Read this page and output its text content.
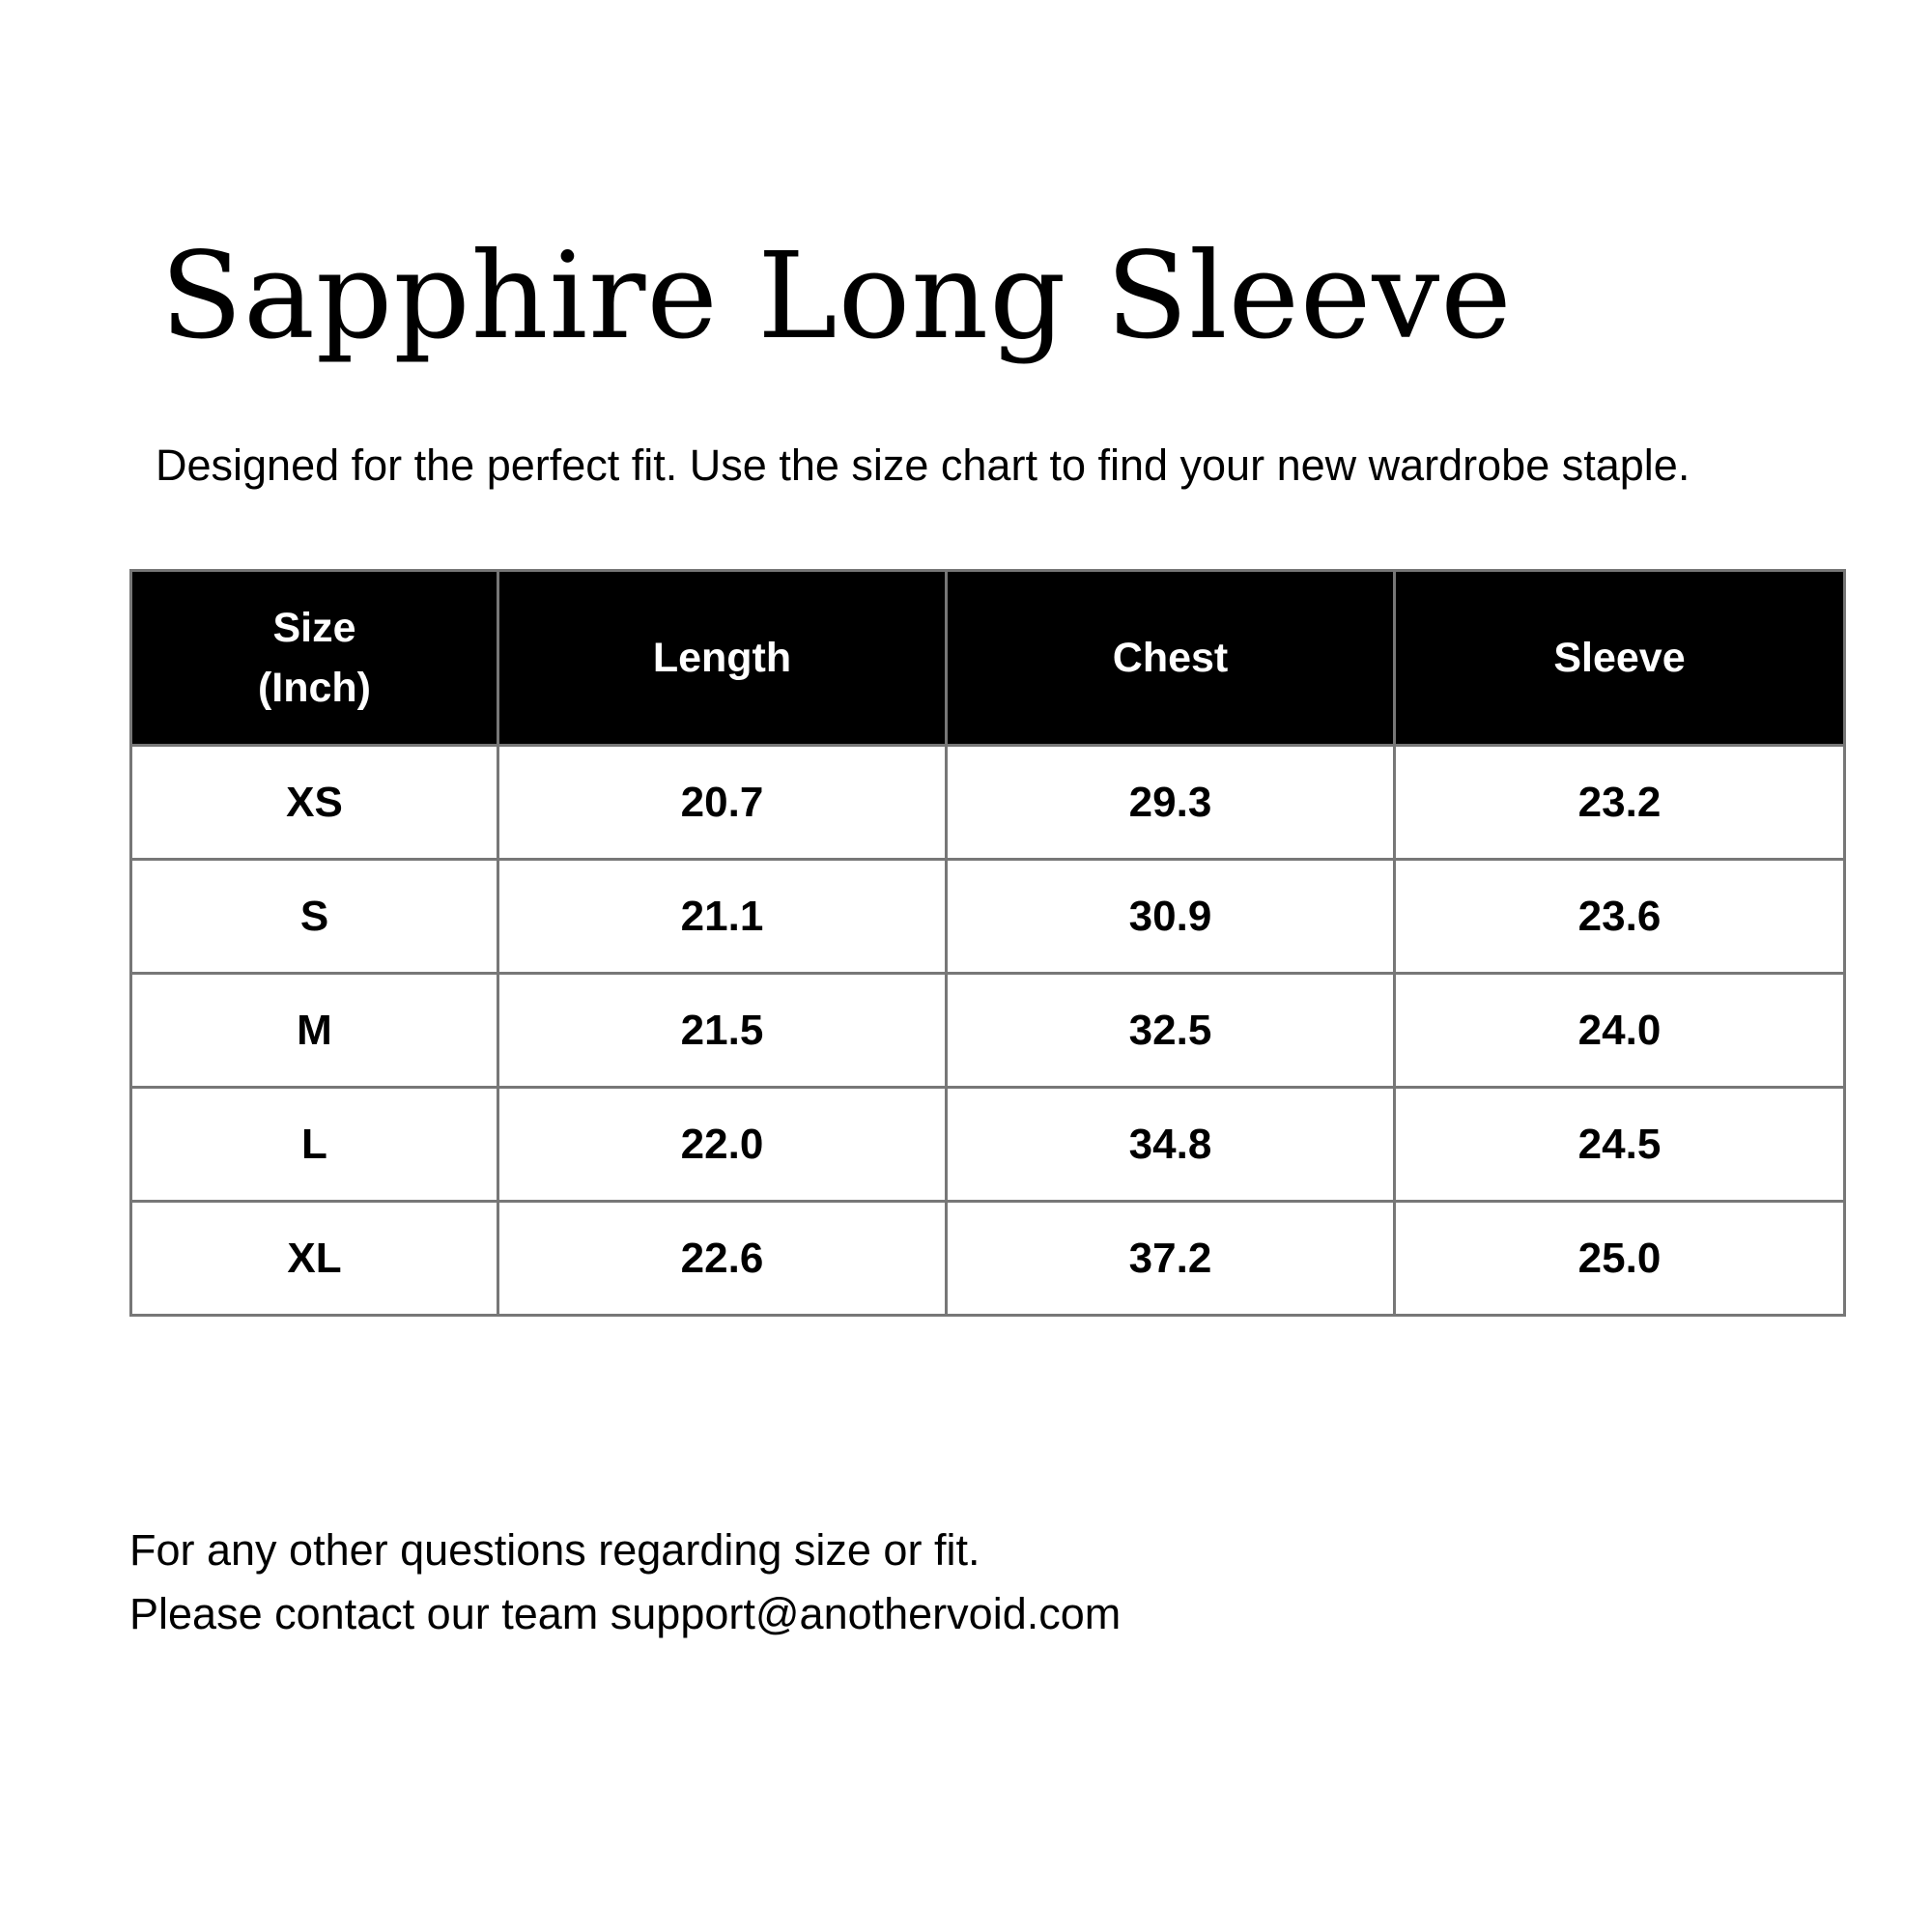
Sapphire Long Sleeve

Designed for the perfect fit. Use the size chart to find your new wardrobe staple.

Size
(Inch)	Length	Chest	Sleeve
XS	20.7	29.3	23.2
S	21.1	30.9	23.6
M	21.5	32.5	24.0
L	22.0	34.8	24.5
XL	22.6	37.2	25.0
For any other questions regarding size or fit.
Please contact our team support@anothervoid.com
